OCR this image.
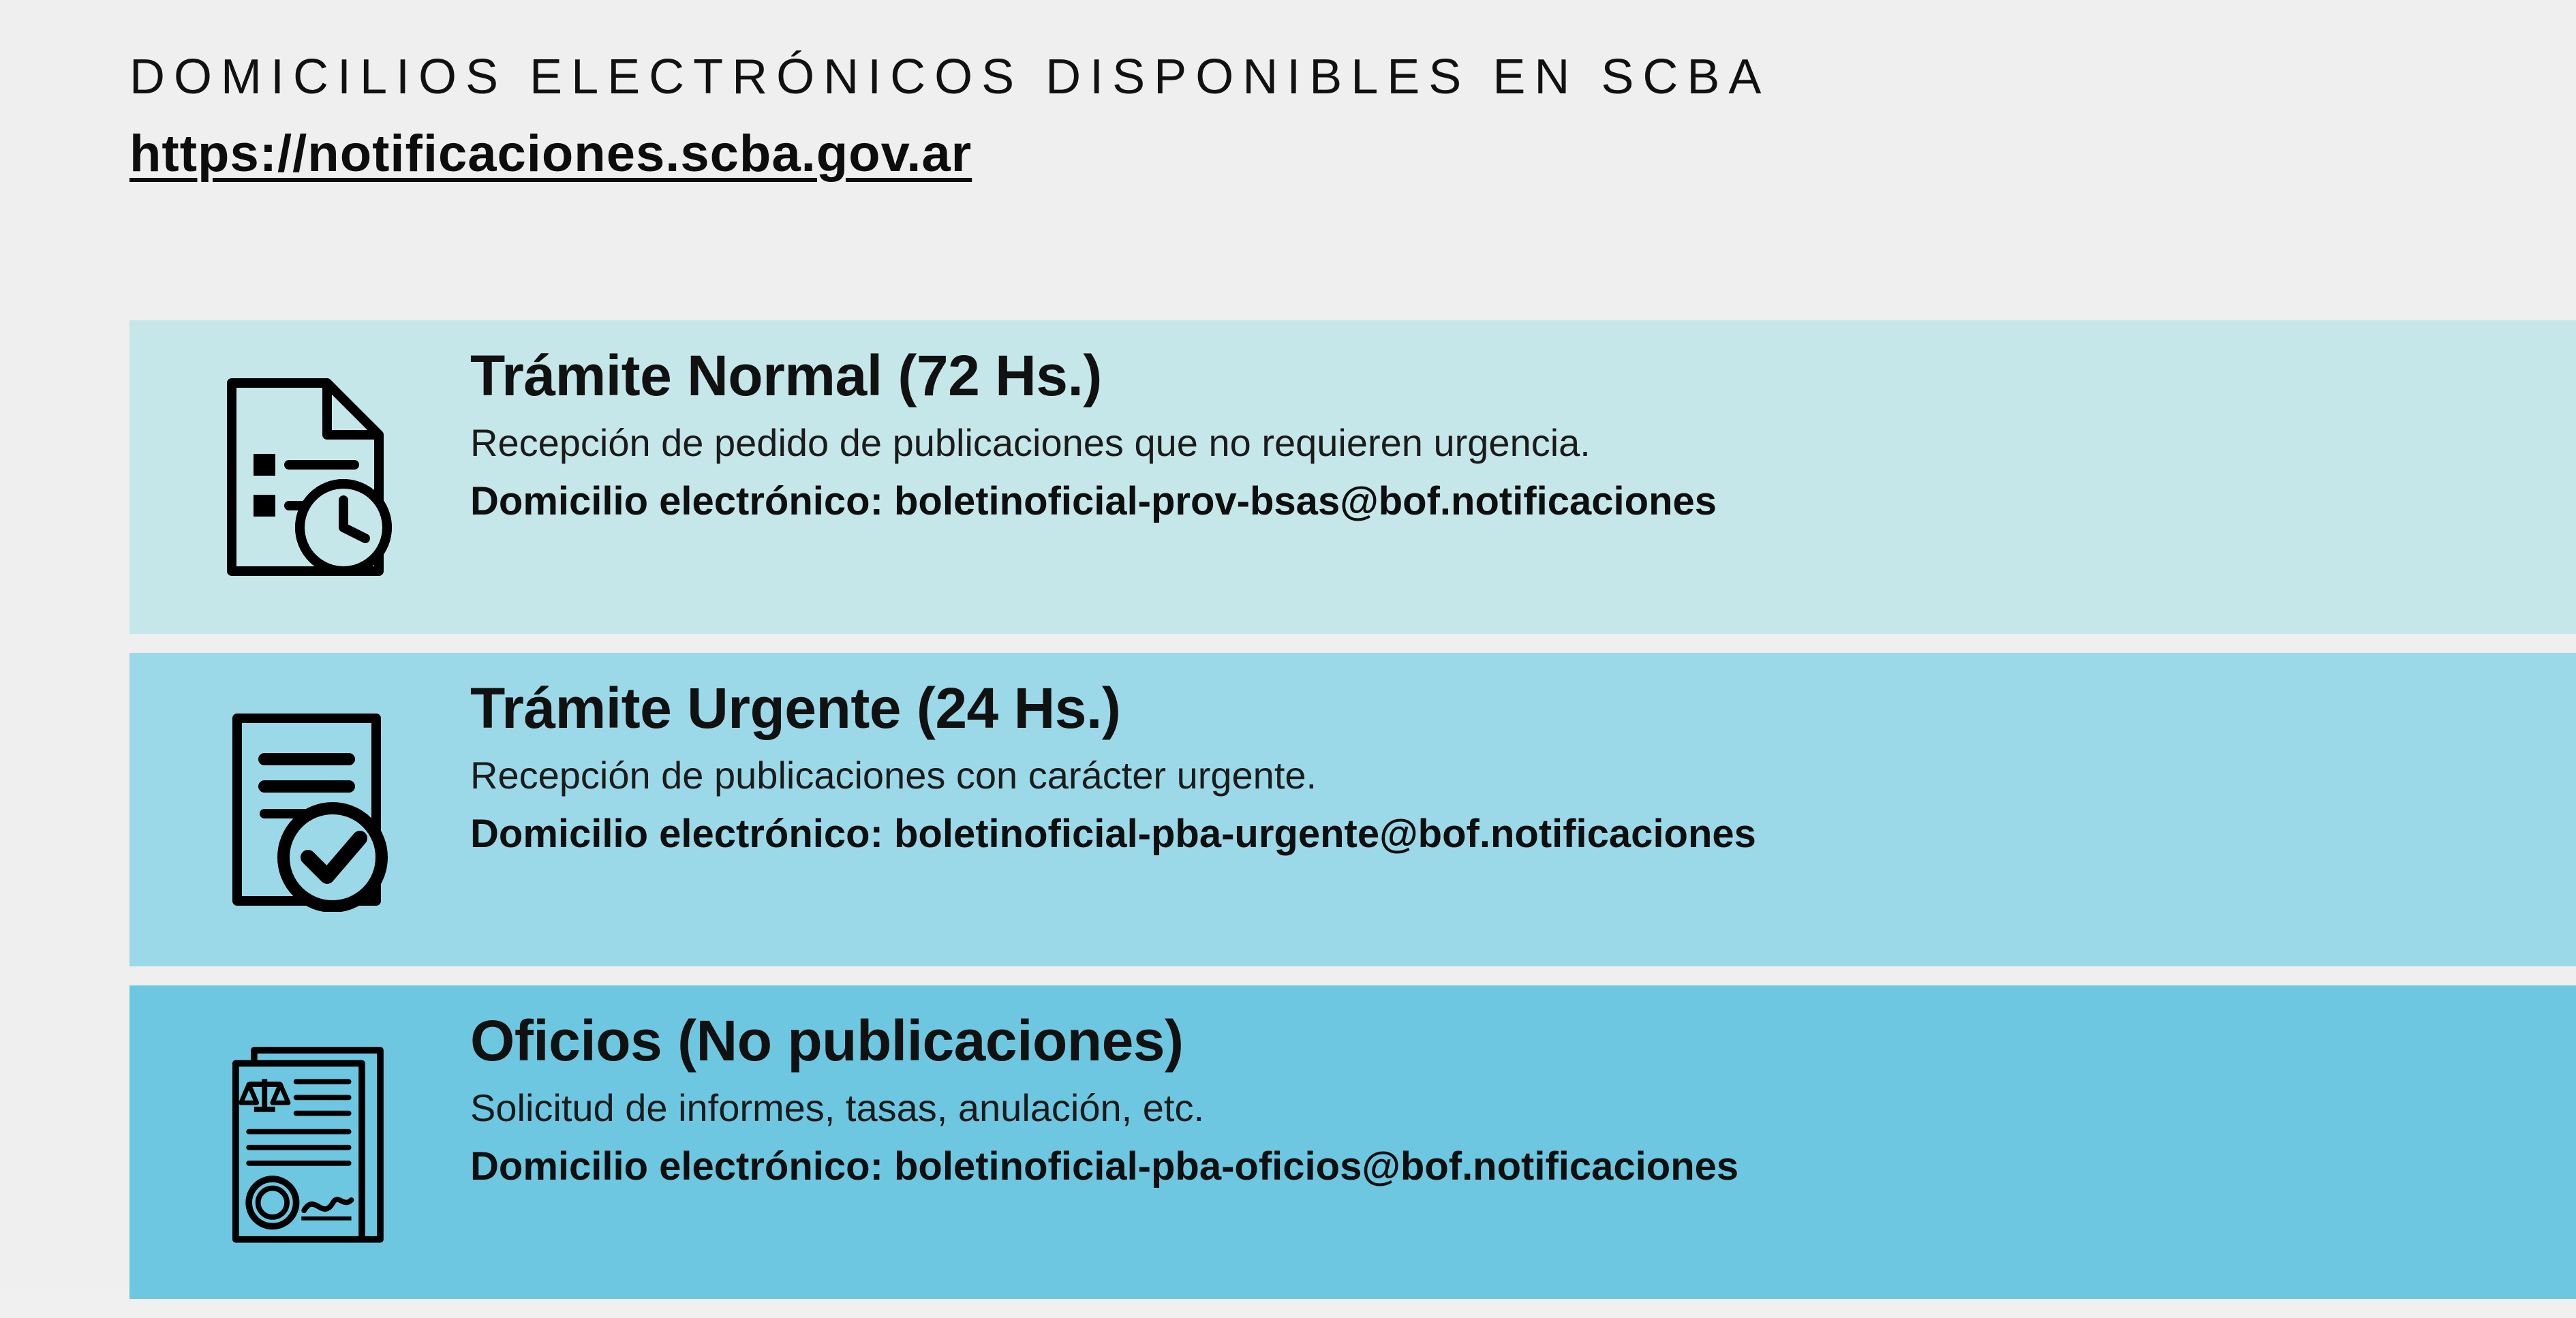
DOMICILIOS ELECTRÓNICOS DISPONIBLES EN SCBA
https://notificaciones.scba.gov.ar
Trámite Normal (72 Hs.)
Recepción de pedido de publicaciones que no requieren urgencia.
Domicilio electrónico: boletinoficial-prov-bsas@bof.notificaciones
Trámite Urgente (24 Hs.)
Recepción de publicaciones con carácter urgente.
Domicilio electrónico: boletinoficial-pba-urgente@bof.notificaciones
Oficios (No publicaciones)
Solicitud de informes, tasas, anulación, etc.
Domicilio electrónico: boletinoficial-pba-oficios@bof.notificaciones
